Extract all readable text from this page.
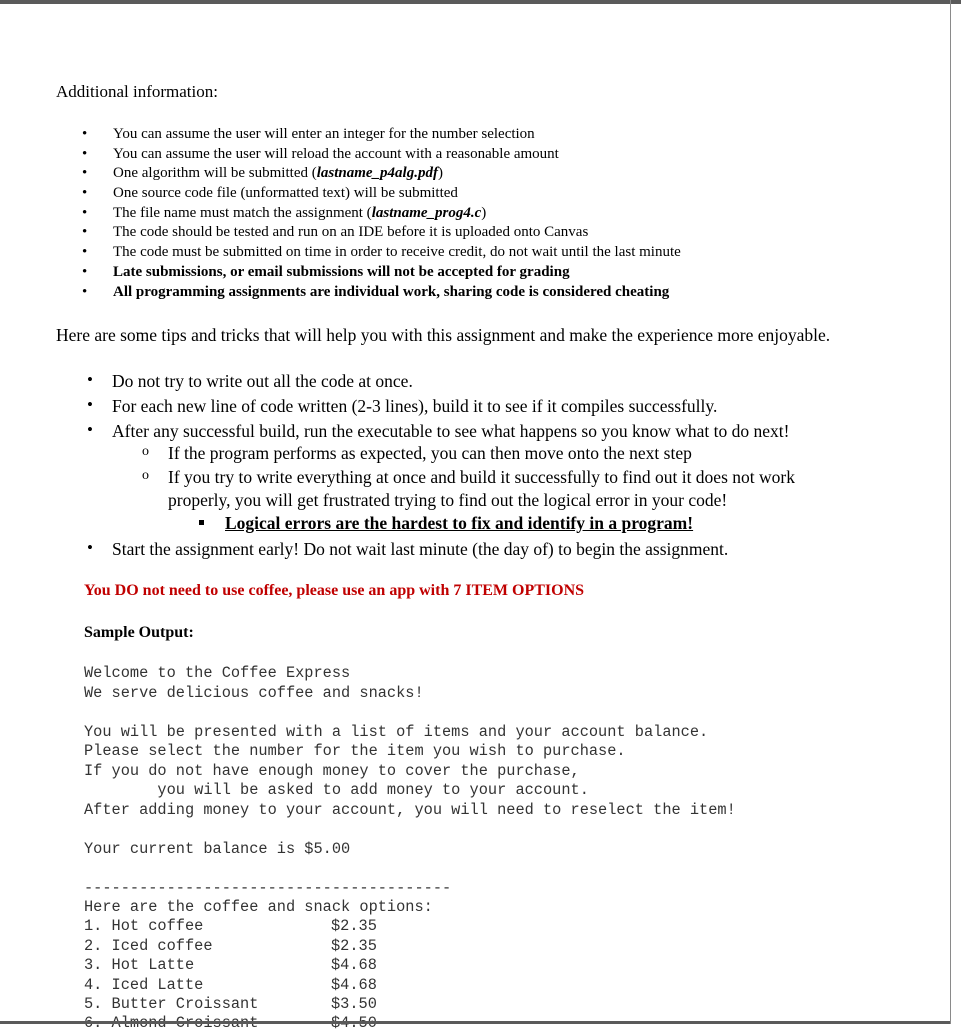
Additional information:
• You can assume the user will enter an integer for the number selection
• You can assume the user will reload the account with a reasonable amount
• One algorithm will be submitted (lastname_p4alg.pdf)
• One source code file (unformatted text) will be submitted
• The file name must match the assignment (lastname_prog4.c)
• The code should be tested and run on an IDE before it is uploaded onto Canvas
• The code must be submitted on time in order to receive credit, do not wait until the last minute
• Late submissions, or email submissions will not be accepted for grading
• All programming assignments are individual work, sharing code is considered cheating
Here are some tips and tricks that will help you with this assignment and make the experience more enjoyable.
• Do not try to write out all the code at once.
• For each new line of code written (2-3 lines), build it to see if it compiles successfully.
• After any successful build, run the executable to see what happens so you know what to do next!
o If the program performs as expected, you can then move onto the next step
o If you try to write everything at once and build it successfully to find out it does not work
properly, you will get frustrated trying to find out the logical error in your code!
Logical errors are the hardest to fix and identify in a program!
• Start the assignment early! Do not wait last minute (the day of) to begin the assignment.
You DO not need to use coffee, please use an app with 7 ITEM OPTIONS
Sample Output:
Welcome to the Coffee Express
We serve delicious coffee and snacks!
You will be presented with a list of items and your account balance.
Please select the number for the item you wish to purchase.
If you do not have enough money to cover the purchase,
you will be asked to add money to your account.
After adding money to your account, you will need to reselect the item!
Your current balance is $5.00
----------------------------------------
Here are the coffee and snack options:
1. Hot coffee	$2.35
2. Iced coffee	$2.35
3. Hot Latte	$4.68
4. Iced Latte	$4.68
5. Butter Croissant	$3.50
